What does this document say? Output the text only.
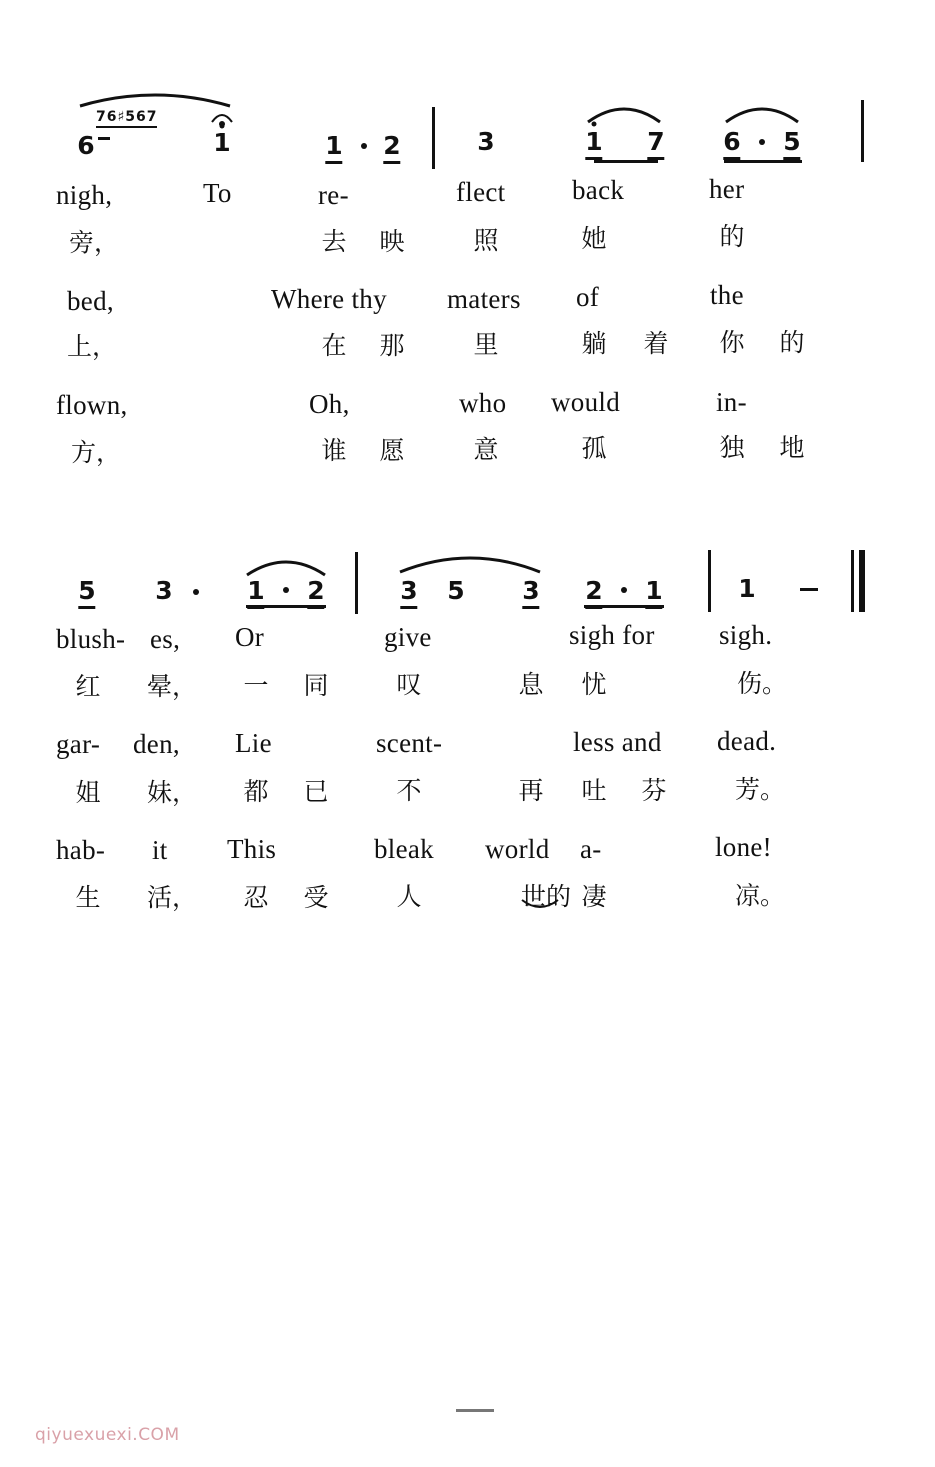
76♯567
6	1	1 2	3	1 7 6 5
nigh,	To	re-	flect back	her
旁，	去 映	照	她	的
bed,	Where thy maters of	the
上，	在 那	里	躺 着 你 的
flown,	Oh,	who would	in-
方，	谁 愿	意	孤	独 地
5 3	1 2	3 5 3 2 1	1
blush- es, Or	give	sigh for sigh.
红 晕， 一 同	叹	息 忧	伤。
gar- den, Lie	scent-	less and dead.
姐 妹， 都 已	不	再 吐 芬	芳。
hab- it This	bleak world a-	lone!
生 活， 忍 受	人	世的 凄	凉。
qiyuexuexi.COM
